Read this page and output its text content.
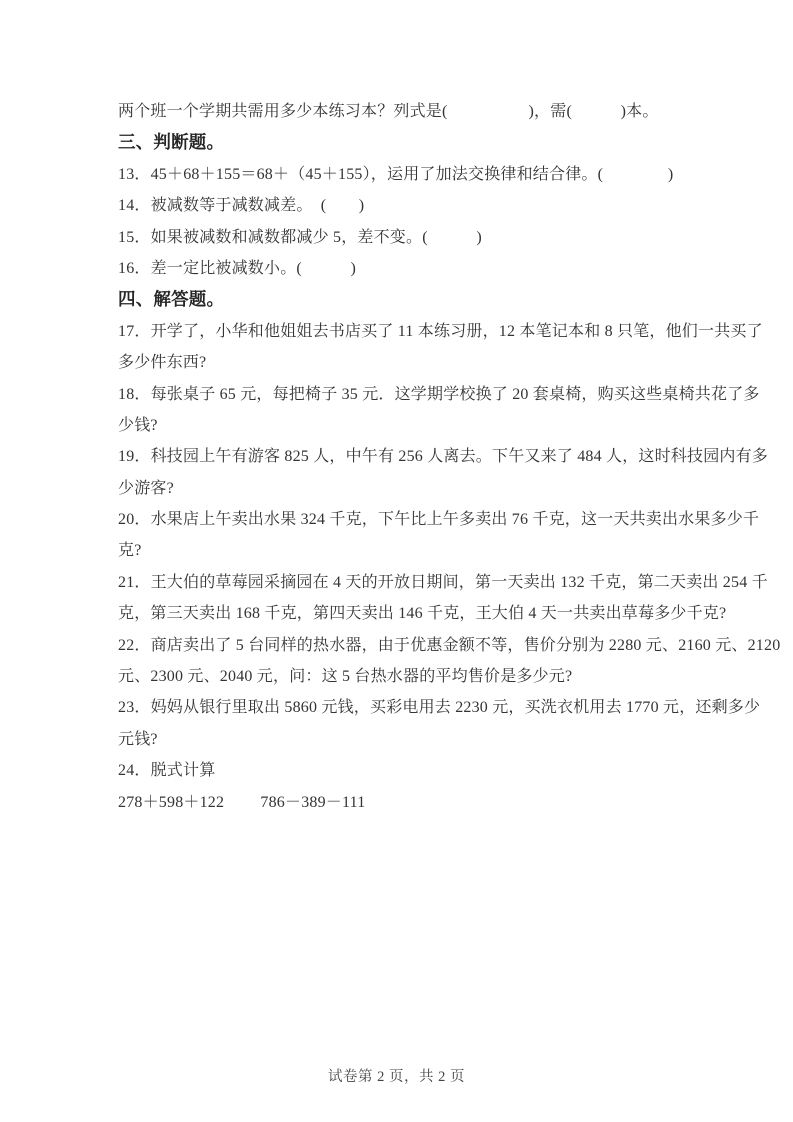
两个班一个学期共需用多少本练习本？列式是(　　　　　)，需(　　　)本。
三、判断题。
13．45＋68＋155＝68＋（45＋155），运用了加法交换律和结合律。(　　　　)
14．被减数等于减数减差。　(　　)
15．如果被减数和减数都减少 5，差不变。(　　　)
16．差一定比被减数小。(　　　)
四、解答题。
17．开学了，小华和他姐姐去书店买了 11 本练习册，12 本笔记本和 8 只笔，他们一共买了
多少件东西?
18．每张桌子 65 元，每把椅子 35 元．这学期学校换了 20 套桌椅，购买这些桌椅共花了多
少钱?
19．科技园上午有游客 825 人，中午有 256 人离去。下午又来了 484 人，这时科技园内有多
少游客?
20．水果店上午卖出水果 324 千克，下午比上午多卖出 76 千克，这一天共卖出水果多少千
克?
21．王大伯的草莓园采摘园在 4 天的开放日期间，第一天卖出 132 千克，第二天卖出 254 千
克，第三天卖出 168 千克，第四天卖出 146 千克，王大伯 4 天一共卖出草莓多少千克?
22．商店卖出了 5 台同样的热水器，由于优惠金额不等，售价分别为 2280 元、2160 元、2120
元、2300 元、2040 元，问：这 5 台热水器的平均售价是多少元?
23．妈妈从银行里取出 5860 元钱，买彩电用去 2230 元，买洗衣机用去 1770 元，还剩多少
元钱?
24．脱式计算
278＋598＋122 786－389－111
试卷第 2 页，共 2 页
